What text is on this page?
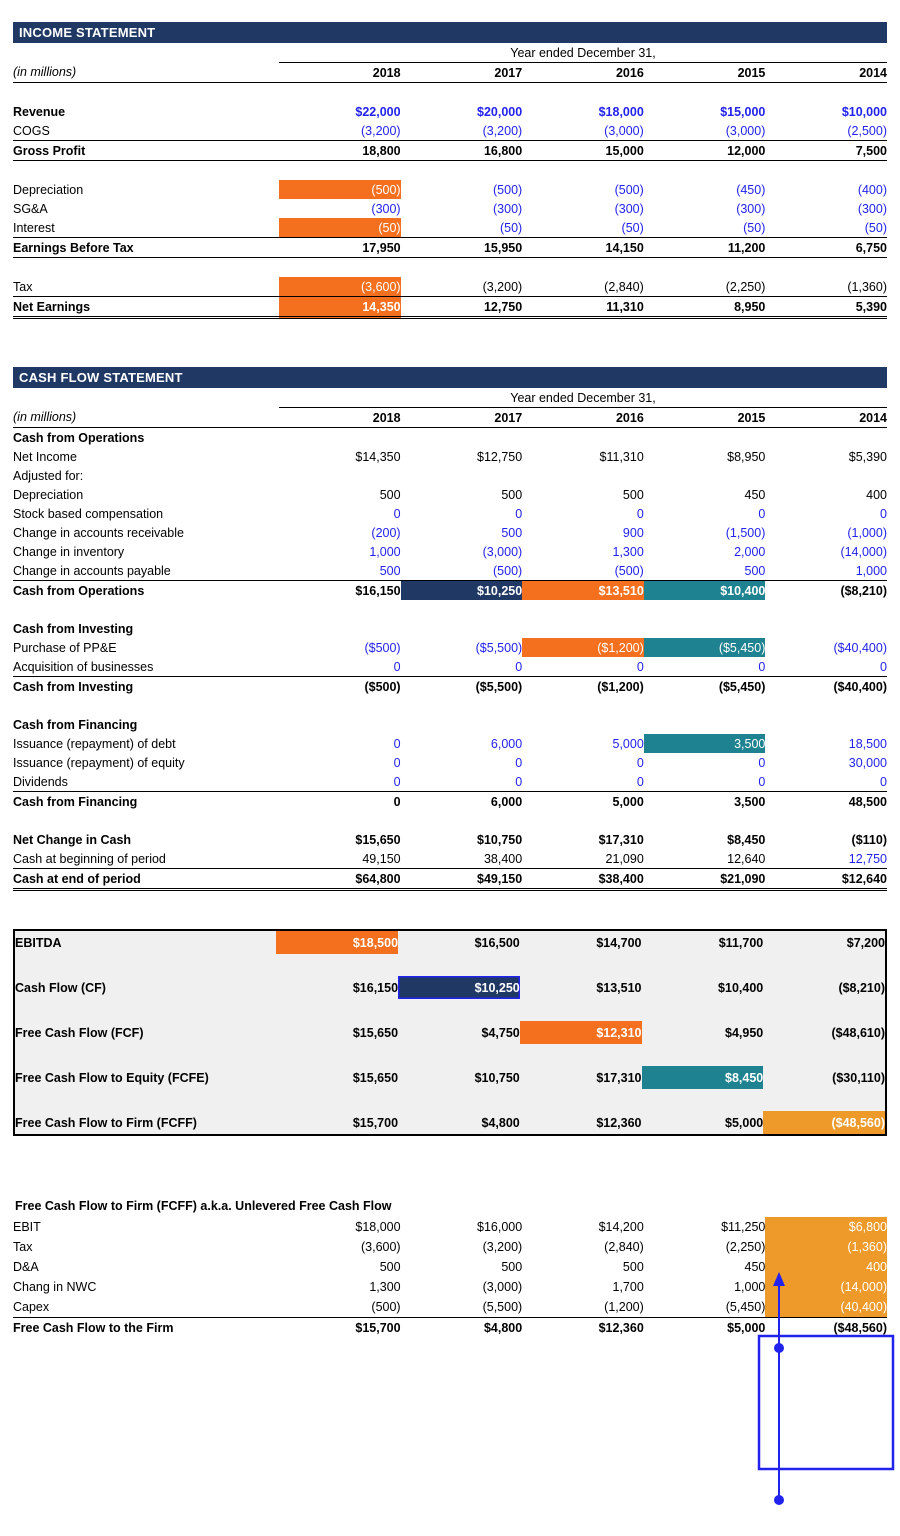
INCOME STATEMENT
	Year ended December 31,				
(in millions)	2018	2017	2016	2015	2014

Revenue	$22,000	$20,000	$18,000	$15,000	$10,000
COGS	(3,200)	(3,200)	(3,000)	(3,000)	(2,500)
Gross Profit	18,800	16,800	15,000	12,000	7,500

Depreciation	(500)	(500)	(500)	(450)	(400)
SG&A	(300)	(300)	(300)	(300)	(300)
Interest	(50)	(50)	(50)	(50)	(50)
Earnings Before Tax	17,950	15,950	14,150	11,200	6,750

Tax	(3,600)	(3,200)	(2,840)	(2,250)	(1,360)
Net Earnings	14,350	12,750	11,310	8,950	5,390
CASH FLOW STATEMENT
	Year ended December 31,				
(in millions)	2018	2017	2016	2015	2014
Cash from Operations					
Net Income	$14,350	$12,750	$11,310	$8,950	$5,390
Adjusted for:					
Depreciation	500	500	500	450	400
Stock based compensation	0	0	0	0	0
Change in accounts receivable	(200)	500	900	(1,500)	(1,000)
Change in inventory	1,000	(3,000)	1,300	2,000	(14,000)
Change in accounts payable	500	(500)	(500)	500	1,000
Cash from Operations	$16,150	$10,250	$13,510	$10,400	($8,210)

Cash from Investing					
Purchase of PP&E	($500)	($5,500)	($1,200)	($5,450)	($40,400)
Acquisition of businesses	0	0	0	0	0
Cash from Investing	($500)	($5,500)	($1,200)	($5,450)	($40,400)

Cash from Financing					
Issuance (repayment) of debt	0	6,000	5,000	3,500	18,500
Issuance (repayment) of equity	0	0	0	0	30,000
Dividends	0	0	0	0	0
Cash from Financing	0	6,000	5,000	3,500	48,500

Net Change in Cash	$15,650	$10,750	$17,310	$8,450	($110)
Cash at beginning of period	49,150	38,400	21,090	12,640	12,750
Cash at end of period	$64,800	$49,150	$38,400	$21,090	$12,640
EBITDA	$18,500	$16,500	$14,700	$11,700	$7,200

Cash Flow (CF)	$16,150	$10,250	$13,510	$10,400	($8,210)

Free Cash Flow (FCF)	$15,650	$4,750	$12,310	$4,950	($48,610)

Free Cash Flow to Equity (FCFE)	$15,650	$10,750	$17,310	$8,450	($30,110)

Free Cash Flow to Firm (FCFF)	$15,700	$4,800	$12,360	$5,000	($48,560)
Free Cash Flow to Firm (FCFF) a.k.a. Unlevered Free Cash Flow
EBIT	$18,000	$16,000	$14,200	$11,250	$6,800
Tax	(3,600)	(3,200)	(2,840)	(2,250)	(1,360)
D&A	500	500	500	450	400
Chang in NWC	1,300	(3,000)	1,700	1,000	(14,000)
Capex	(500)	(5,500)	(1,200)	(5,450)	(40,400)
Free Cash Flow to the Firm	$15,700	$4,800	$12,360	$5,000	($48,560)
